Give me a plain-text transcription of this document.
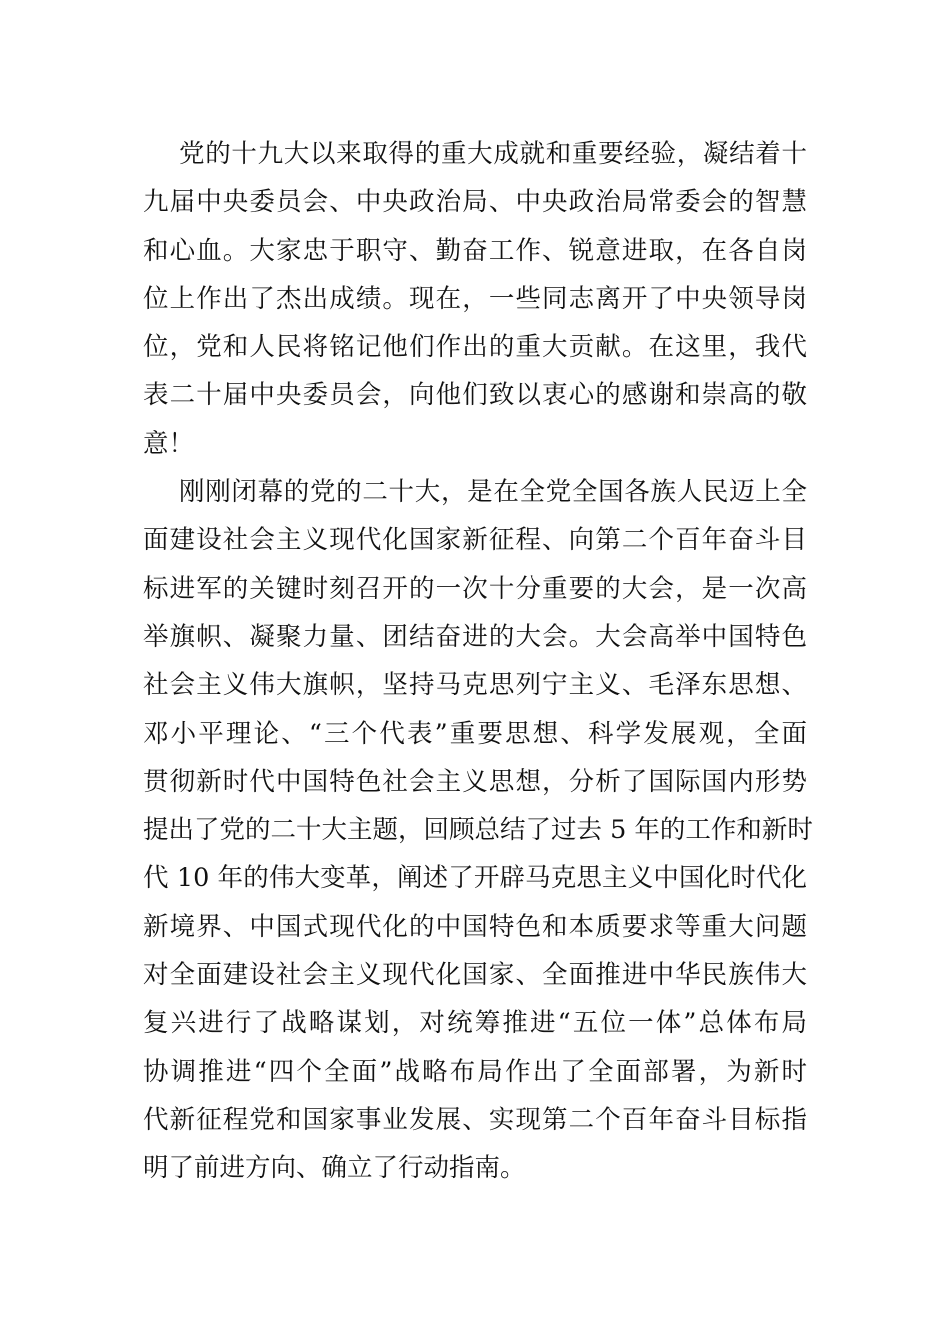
党的十九大以来取得的重大成就和重要经验，凝结着十
九届中央委员会、中央政治局、中央政治局常委会的智慧
和心血。大家忠于职守、勤奋工作、锐意进取，在各自岗
位上作出了杰出成绩。现在，一些同志离开了中央领导岗
位，党和人民将铭记他们作出的重大贡献。在这里，我代
表二十届中央委员会，向他们致以衷心的感谢和崇高的敬
意！
刚刚闭幕的党的二十大，是在全党全国各族人民迈上全
面建设社会主义现代化国家新征程、向第二个百年奋斗目
标进军的关键时刻召开的一次十分重要的大会，是一次高
举旗帜、凝聚力量、团结奋进的大会。大会高举中国特色
社会主义伟大旗帜，坚持马克思列宁主义、毛泽东思想、
邓小平理论、“三个代表”重要思想、科学发展观，全面
贯彻新时代中国特色社会主义思想，分析了国际国内形势
提出了党的二十大主题，回顾总结了过去 5 年的工作和新时
代 10 年的伟大变革，阐述了开辟马克思主义中国化时代化
新境界、中国式现代化的中国特色和本质要求等重大问题
对全面建设社会主义现代化国家、全面推进中华民族伟大
复兴进行了战略谋划，对统筹推进“五位一体”总体布局
协调推进“四个全面”战略布局作出了全面部署，为新时
代新征程党和国家事业发展、实现第二个百年奋斗目标指
明了前进方向、确立了行动指南。
